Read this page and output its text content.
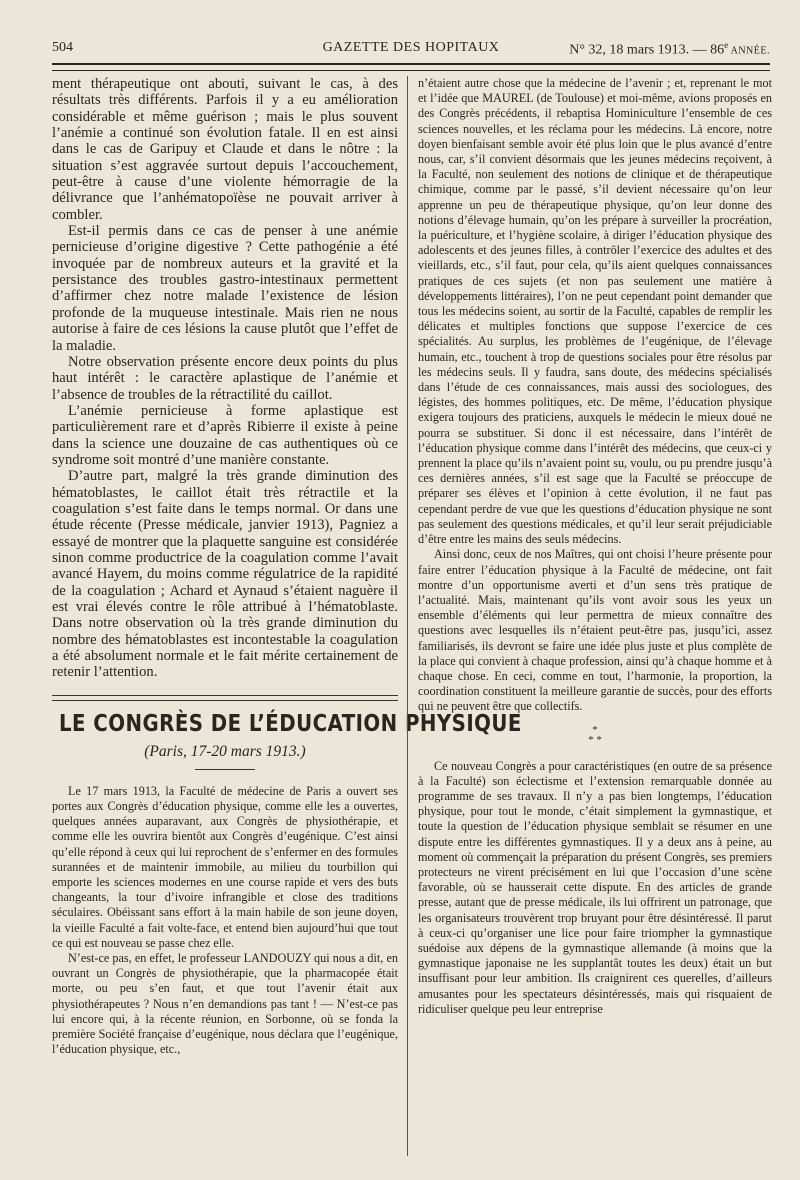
504	GAZETTE DES HOPITAUX	N° 32, 18 mars 1913. — 86e ANNÉE.

ment thérapeutique ont abouti, suivant le cas, à des résultats très différents. Parfois il y a eu amélioration considérable et même guérison ; mais le plus souvent l’anémie a continué son évolution fatale. Il en est ainsi dans le cas de Garipuy et Claude et dans le nôtre : la situation s’est aggravée surtout depuis l’accouchement, peut-être à cause d’une violente hémorragie de la délivrance que l’anhématopoïèse ne pouvait arriver à combler.

Est-il permis dans ce cas de penser à une anémie pernicieuse d’origine digestive ? Cette pathogénie a été invoquée par de nombreux auteurs et la gravité et la persistance des troubles gastro-intestinaux permettent d’affirmer chez notre malade l’existence de lésion profonde de la muqueuse intestinale. Mais rien ne nous autorise à faire de ces lésions la cause plutôt que l’effet de la maladie.

Notre observation présente encore deux points du plus haut intérêt : le caractère aplastique de l’anémie et l’absence de troubles de la rétractilité du caillot.

L’anémie pernicieuse à forme aplastique est particulièrement rare et d’après Ribierre il existe à peine dans la science une douzaine de cas authentiques où ce syndrome soit montré d’une manière constante.

D’autre part, malgré la très grande diminution des hématoblastes, le caillot était très rétractile et la coagulation s’est faite dans le temps normal. Or dans une étude récente (Presse médicale, janvier 1913), Pagniez a essayé de montrer que la plaquette sanguine est considérée sinon comme productrice de la coagulation comme l’avait avancé Hayem, du moins comme régulatrice de la rapidité de la coagulation ; Achard et Aynaud s’étaient naguère il est vrai élevés contre le rôle attribué à l’hématoblaste. Dans notre observation où la très grande diminution du nombre des hématoblastes est incontestable la coagulation a été absolument normale et le fait mérite certainement de retenir l’attention.

LE CONGRÈS DE L’ÉDUCATION PHYSIQUE
(Paris, 17-20 mars 1913.)

Le 17 mars 1913, la Faculté de médecine de Paris a ouvert ses portes aux Congrès d’éducation physique, comme elle les a ouvertes, quelques années auparavant, aux Congrès de physiothérapie, et comme elle les ouvrira bientôt aux Congrès d’eugénique. C’est ainsi qu’elle répond à ceux qui lui reprochent de s’enfermer en des formules surannées et de maintenir immobile, au milieu du tourbillon qui emporte les sciences modernes en une course rapide et vers des buts changeants, la tour d’ivoire infrangible et close des traditions séculaires. Obéissant sans effort à la main habile de son jeune doyen, la vieille Faculté a fait volte-face, et entend bien aujourd’hui que tout ce qui est nouveau se passe chez elle.

N’est-ce pas, en effet, le professeur LANDOUZY qui nous a dit, en ouvrant un Congrès de physiothérapie, que la pharmacopée était morte, ou peu s’en faut, et que tout l’avenir était aux physiothérapeutes ? Nous n’en demandions pas tant ! — N’est-ce pas lui encore qui, à la récente réunion, en Sorbonne, où se fonda la première Société française d’eugénique, nous déclara que l’eugénique, l’éducation physique, etc.,

n’étaient autre chose que la médecine de l’avenir ; et, reprenant le mot et l’idée que MAUREL (de Toulouse) et moi-même, avions proposés en des Congrès précédents, il rebaptisa Hominiculture l’ensemble de ces sciences nouvelles, et les réclama pour les médecins. Là encore, notre doyen bienfaisant semble avoir été plus loin que le plus avancé d’entre nous, car, s’il convient désormais que les jeunes médecins reçoivent, à la Faculté, non seulement des notions de clinique et de thérapeutique chimique, comme par le passé, s’il devient nécessaire qu’on leur apprenne un peu de thérapeutique physique, qu’on leur donne des notions d’élevage humain, qu’on les prépare à surveiller la procréation, la puériculture, et l’hygiène scolaire, à diriger l’éducation physique des adolescents et des jeunes filles, à contrôler l’exercice des adultes et des vieillards, etc., s’il faut, pour cela, qu’ils aient quelques connaissances pratiques de ces sujets (et non pas seulement une matière à développements littéraires), l’on ne peut cependant point demander que tous les médecins soient, au sortir de la Faculté, capables de remplir les délicates et multiples fonctions que suppose l’exercice de ces spécialités. Au surplus, les problèmes de l’eugénique, de l’élevage humain, etc., touchent à trop de questions sociales pour être résolus par les médecins seuls. Il y faudra, sans doute, des médecins spécialisés dans l’étude de ces connaissances, mais aussi des sociologues, des légistes, des hommes politiques, etc. De même, l’éducation physique exigera toujours des praticiens, auxquels le médecin le mieux doué ne pourra se substituer. Si donc il est nécessaire, dans l’intérêt de l’éducation physique comme dans l’intérêt des médecins, que ceux-ci y prennent la place qu’ils n’avaient point su, voulu, ou pu prendre jusqu’à ces dernières années, s’il est sage que la Faculté se préoccupe de préparer ses élèves et l’opinion à cette évolution, il ne faut pas cependant perdre de vue que les questions d’éducation physique ne sont pas seulement des questions médicales, et qu’il leur serait préjudiciable d’être entre les mains des seuls médecins.

Ainsi donc, ceux de nos Maîtres, qui ont choisi l’heure présente pour faire entrer l’éducation physique à la Faculté de médecine, ont fait montre d’un opportunisme averti et d’un sens très pratique de l’actualité. Mais, maintenant qu’ils vont avoir sous les yeux un ensemble d’éléments qui leur permettra de mieux connaître des questions avec lesquelles ils n’étaient peut-être pas, jusqu’ici, assez familiarisés, ils devront se faire une idée plus juste et plus complète de la place qui convient à chaque profession, ainsi qu’à chaque homme et à chaque chose. En ceci, comme en tout, l’harmonie, la proportion, la coordination constituent la meilleure garantie de succès, pour des efforts qui ne peuvent être que collectifs.

*
* *

Ce nouveau Congrès a pour caractéristiques (en outre de sa présence à la Faculté) son éclectisme et l’extension remarquable donnée au programme de ses travaux. Il n’y a pas bien longtemps, l’éducation physique, pour tout le monde, c’était simplement la gymnastique, et toute la question de l’éducation physique semblait se résumer en une dispute entre les différentes gymnastiques. Il y a deux ans à peine, au moment où commençait la préparation du présent Congrès, ses premiers protecteurs ne virent précisément en lui que l’occasion d’une scène favorable, où se hausserait cette dispute. En des articles de grande presse, autant que de presse médicale, ils lui offrirent un patronage, que les organisateurs trouvèrent trop bruyant pour être désintéressé. Il parut à ceux-ci qu’organiser une lice pour faire triompher la gymnastique suédoise aux dépens de la gymnastique allemande (à moins que la gymnastique japonaise ne les supplantât toutes les deux) était un but insuffisant pour leur ambition. Ils craignirent ces querelles, d’ailleurs amusantes pour les spectateurs désintéressés, mais qui risquaient de ridiculiser quelque peu leur entreprise
